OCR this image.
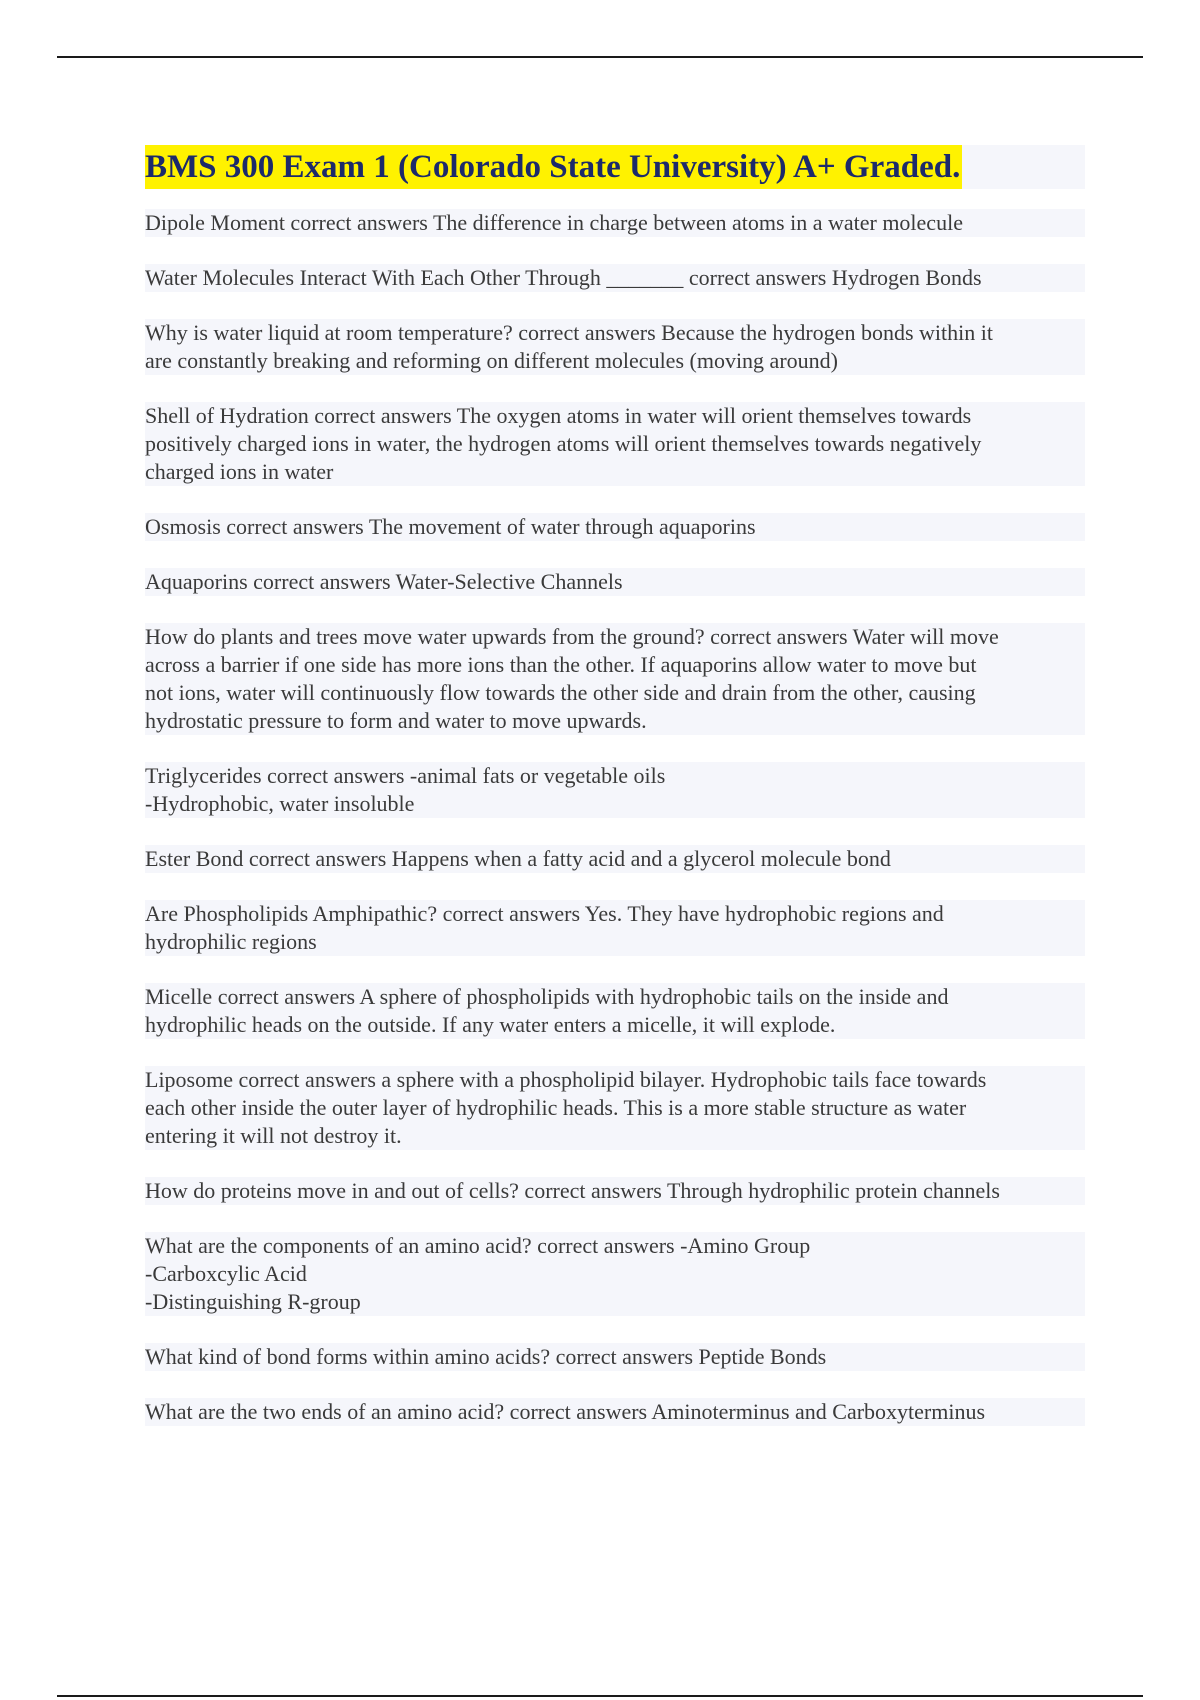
BMS 300 Exam 1 (Colorado State University) A+ Graded.
Dipole Moment correct answers The difference in charge between atoms in a water molecule
Water Molecules Interact With Each Other Through _______ correct answers Hydrogen Bonds
Why is water liquid at room temperature? correct answers Because the hydrogen bonds within it
are constantly breaking and reforming on different molecules (moving around)
Shell of Hydration correct answers The oxygen atoms in water will orient themselves towards
positively charged ions in water, the hydrogen atoms will orient themselves towards negatively
charged ions in water
Osmosis correct answers The movement of water through aquaporins
Aquaporins correct answers Water-Selective Channels
How do plants and trees move water upwards from the ground? correct answers Water will move
across a barrier if one side has more ions than the other. If aquaporins allow water to move but
not ions, water will continuously flow towards the other side and drain from the other, causing
hydrostatic pressure to form and water to move upwards.
Triglycerides correct answers -animal fats or vegetable oils
-Hydrophobic, water insoluble
Ester Bond correct answers Happens when a fatty acid and a glycerol molecule bond
Are Phospholipids Amphipathic? correct answers Yes. They have hydrophobic regions and
hydrophilic regions
Micelle correct answers A sphere of phospholipids with hydrophobic tails on the inside and
hydrophilic heads on the outside. If any water enters a micelle, it will explode.
Liposome correct answers a sphere with a phospholipid bilayer. Hydrophobic tails face towards
each other inside the outer layer of hydrophilic heads. This is a more stable structure as water
entering it will not destroy it.
How do proteins move in and out of cells? correct answers Through hydrophilic protein channels
What are the components of an amino acid? correct answers -Amino Group
-Carboxcylic Acid
-Distinguishing R-group
What kind of bond forms within amino acids? correct answers Peptide Bonds
What are the two ends of an amino acid? correct answers Aminoterminus and Carboxyterminus
